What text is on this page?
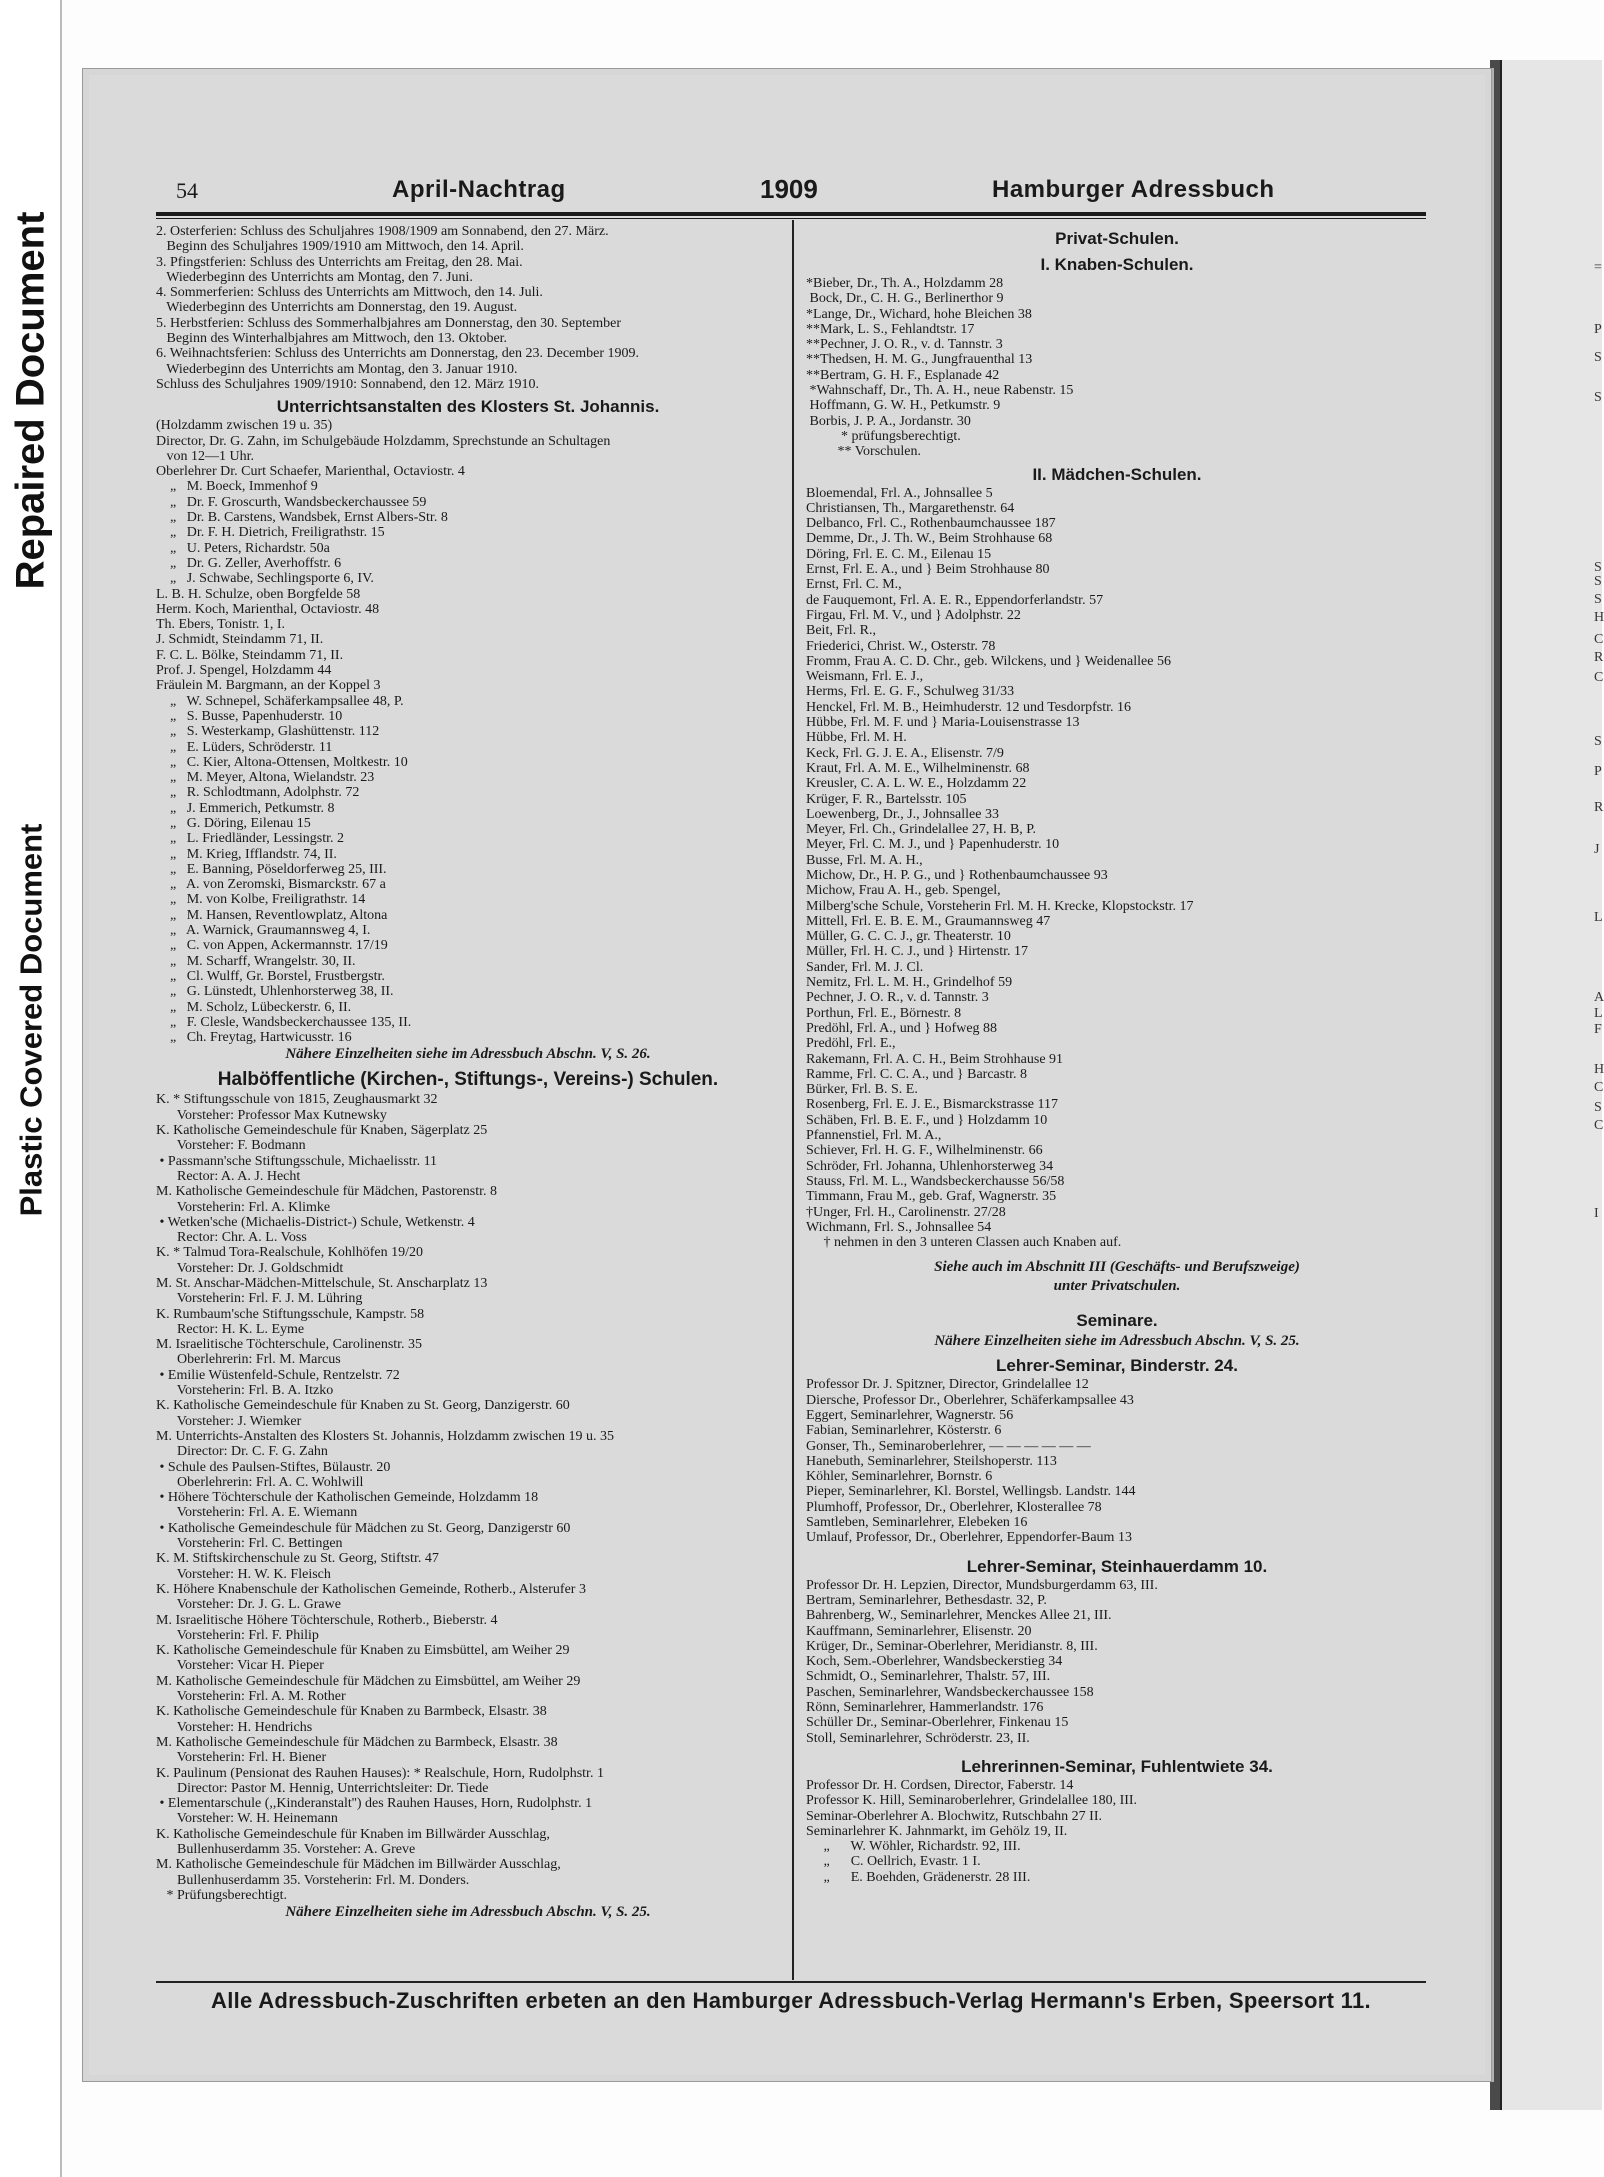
Plastic Covered Document
Repaired Document	=
P
S
S
S
S
S
H
C
R
C
S
P
R
J
L
A
L
F
H
C
S
C
I
54	April-Nachtrag	1909	Hamburger Adressbuch
2. Osterferien: Schluss des Schuljahres 1908/1909 am Sonnabend, den 27. März.
Beginn des Schuljahres 1909/1910 am Mittwoch, den 14. April.
3. Pfingstferien: Schluss des Unterrichts am Freitag, den 28. Mai.
Wiederbeginn des Unterrichts am Montag, den 7. Juni.
4. Sommerferien: Schluss des Unterrichts am Mittwoch, den 14. Juli.
Wiederbeginn des Unterrichts am Donnerstag, den 19. August.
5. Herbstferien: Schluss des Sommerhalbjahres am Donnerstag, den 30. September
Beginn des Winterhalbjahres am Mittwoch, den 13. Oktober.
6. Weihnachtsferien: Schluss des Unterrichts am Donnerstag, den 23. December 1909.
Wiederbeginn des Unterrichts am Montag, den 3. Januar 1910.
Schluss des Schuljahres 1909/1910: Sonnabend, den 12. März 1910.
Unterrichtsanstalten des Klosters St. Johannis.
(Holzdamm zwischen 19 u. 35)
Director, Dr. G. Zahn, im Schulgebäude Holzdamm, Sprechstunde an Schultagen
von 12—1 Uhr.
Oberlehrer Dr. Curt Schaefer, Marienthal, Octaviostr. 4
„   M. Boeck, Immenhof 9
„   Dr. F. Groscurth, Wandsbeckerchaussee 59
„   Dr. B. Carstens, Wandsbek, Ernst Albers-Str. 8
„   Dr. F. H. Dietrich, Freiligrathstr. 15
„   U. Peters, Richardstr. 50a
„   Dr. G. Zeller, Averhoffstr. 6
„   J. Schwabe, Sechlingsporte 6, IV.
L. B. H. Schulze, oben Borgfelde 58
Herm. Koch, Marienthal, Octaviostr. 48
Th. Ebers, Tonistr. 1, I.
J. Schmidt, Steindamm 71, II.
F. C. L. Bölke, Steindamm 71, II.
Prof. J. Spengel, Holzdamm 44
Fräulein M. Bargmann, an der Koppel 3
„   W. Schnepel, Schäferkampsallee 48, P.
„   S. Busse, Papenhuderstr. 10
„   S. Westerkamp, Glashüttenstr. 112
„   E. Lüders, Schröderstr. 11
„   C. Kier, Altona-Ottensen, Moltkestr. 10
„   M. Meyer, Altona, Wielandstr. 23
„   R. Schlodtmann, Adolphstr. 72
„   J. Emmerich, Petkumstr. 8
„   G. Döring, Eilenau 15
„   L. Friedländer, Lessingstr. 2
„   M. Krieg, Ifflandstr. 74, II.
„   E. Banning, Pöseldorferweg 25, III.
„   A. von Zeromski, Bismarckstr. 67 a
„   M. von Kolbe, Freiligrathstr. 14
„   M. Hansen, Reventlowplatz, Altona
„   A. Warnick, Graumannsweg 4, I.
„   C. von Appen, Ackermannstr. 17/19
„   M. Scharff, Wrangelstr. 30, II.
„   Cl. Wulff, Gr. Borstel, Frustbergstr.
„   G. Lünstedt, Uhlenhorsterweg 38, II.
„   M. Scholz, Lübeckerstr. 6, II.
„   F. Clesle, Wandsbeckerchaussee 135, II.
„   Ch. Freytag, Hartwicusstr. 16
Nähere Einzelheiten siehe im Adressbuch Abschn. V, S. 26.
Halböffentliche (Kirchen-, Stiftungs-, Vereins-) Schulen.
K. * Stiftungsschule von 1815, Zeughausmarkt 32
Vorsteher: Professor Max Kutnewsky
K. Katholische Gemeindeschule für Knaben, Sägerplatz 25
Vorsteher: F. Bodmann
• Passmann'sche Stiftungsschule, Michaelisstr. 11
Rector: A. A. J. Hecht
M. Katholische Gemeindeschule für Mädchen, Pastorenstr. 8
Vorsteherin: Frl. A. Klimke
• Wetken'sche (Michaelis-District-) Schule, Wetkenstr. 4
Rector: Chr. A. L. Voss
K. * Talmud Tora-Realschule, Kohlhöfen 19/20
Vorsteher: Dr. J. Goldschmidt
M. St. Anschar-Mädchen-Mittelschule, St. Anscharplatz 13
Vorsteherin: Frl. F. J. M. Lühring
K. Rumbaum'sche Stiftungsschule, Kampstr. 58
Rector: H. K. L. Eyme
M. Israelitische Töchterschule, Carolinenstr. 35
Oberlehrerin: Frl. M. Marcus
• Emilie Wüstenfeld-Schule, Rentzelstr. 72
Vorsteherin: Frl. B. A. Itzko
K. Katholische Gemeindeschule für Knaben zu St. Georg, Danzigerstr. 60
Vorsteher: J. Wiemker
M. Unterrichts-Anstalten des Klosters St. Johannis, Holzdamm zwischen 19 u. 35
Director: Dr. C. F. G. Zahn
• Schule des Paulsen-Stiftes, Bülaustr. 20
Oberlehrerin: Frl. A. C. Wohlwill
• Höhere Töchterschule der Katholischen Gemeinde, Holzdamm 18
Vorsteherin: Frl. A. E. Wiemann
• Katholische Gemeindeschule für Mädchen zu St. Georg, Danzigerstr 60
Vorsteherin: Frl. C. Bettingen
K. M. Stiftskirchenschule zu St. Georg, Stiftstr. 47
Vorsteher: H. W. K. Fleisch
K. Höhere Knabenschule der Katholischen Gemeinde, Rotherb., Alsterufer 3
Vorsteher: Dr. J. G. L. Grawe
M. Israelitische Höhere Töchterschule, Rotherb., Bieberstr. 4
Vorsteherin: Frl. F. Philip
K. Katholische Gemeindeschule für Knaben zu Eimsbüttel, am Weiher 29
Vorsteher: Vicar H. Pieper
M. Katholische Gemeindeschule für Mädchen zu Eimsbüttel, am Weiher 29
Vorsteherin: Frl. A. M. Rother
K. Katholische Gemeindeschule für Knaben zu Barmbeck, Elsastr. 38
Vorsteher: H. Hendrichs
M. Katholische Gemeindeschule für Mädchen zu Barmbeck, Elsastr. 38
Vorsteherin: Frl. H. Biener
K. Paulinum (Pensionat des Rauhen Hauses): * Realschule, Horn, Rudolphstr. 1
Director: Pastor M. Hennig, Unterrichtsleiter: Dr. Tiede
• Elementarschule (,,Kinderanstalt'') des Rauhen Hauses, Horn, Rudolphstr. 1
Vorsteher: W. H. Heinemann
K. Katholische Gemeindeschule für Knaben im Billwärder Ausschlag,
Bullenhuserdamm 35. Vorsteher: A. Greve
M. Katholische Gemeindeschule für Mädchen im Billwärder Ausschlag,
Bullenhuserdamm 35. Vorsteherin: Frl. M. Donders.
* Prüfungsberechtigt.
Nähere Einzelheiten siehe im Adressbuch Abschn. V, S. 25.
Privat-Schulen.
I. Knaben-Schulen.
*Bieber, Dr., Th. A., Holzdamm 28
Bock, Dr., C. H. G., Berlinerthor 9
*Lange, Dr., Wichard, hohe Bleichen 38
**Mark, L. S., Fehlandtstr. 17
**Pechner, J. O. R., v. d. Tannstr. 3
**Thedsen, H. M. G., Jungfrauenthal 13
**Bertram, G. H. F., Esplanade 42
*Wahnschaff, Dr., Th. A. H., neue Rabenstr. 15
Hoffmann, G. W. H., Petkumstr. 9
Borbis, J. P. A., Jordanstr. 30
* prüfungsberechtigt.
** Vorschulen.
II. Mädchen-Schulen.
Bloemendal, Frl. A., Johnsallee 5
Christiansen, Th., Margarethenstr. 64
Delbanco, Frl. C., Rothenbaumchaussee 187
Demme, Dr., J. Th. W., Beim Strohhause 68
Döring, Frl. E. C. M., Eilenau 15
Ernst, Frl. E. A., und } Beim Strohhause 80
Ernst, Frl. C. M.,
de Fauquemont, Frl. A. E. R., Eppendorferlandstr. 57
Firgau, Frl. M. V., und } Adolphstr. 22
Beit, Frl. R.,
Friederici, Christ. W., Osterstr. 78
Fromm, Frau A. C. D. Chr., geb. Wilckens, und } Weidenallee 56
Weismann, Frl. E. J.,
Herms, Frl. E. G. F., Schulweg 31/33
Henckel, Frl. M. B., Heimhuderstr. 12 und Tesdorpfstr. 16
Hübbe, Frl. M. F. und } Maria-Louisenstrasse 13
Hübbe, Frl. M. H.
Keck, Frl. G. J. E. A., Elisenstr. 7/9
Kraut, Frl. A. M. E., Wilhelminenstr. 68
Kreusler, C. A. L. W. E., Holzdamm 22
Krüger, F. R., Bartelsstr. 105
Loewenberg, Dr., J., Johnsallee 33
Meyer, Frl. Ch., Grindelallee 27, H. B, P.
Meyer, Frl. C. M. J., und } Papenhuderstr. 10
Busse, Frl. M. A. H.,
Michow, Dr., H. P. G., und } Rothenbaumchaussee 93
Michow, Frau A. H., geb. Spengel,
Milberg'sche Schule, Vorsteherin Frl. M. H. Krecke, Klopstockstr. 17
Mittell, Frl. E. B. E. M., Graumannsweg 47
Müller, G. C. C. J., gr. Theaterstr. 10
Müller, Frl. H. C. J., und } Hirtenstr. 17
Sander, Frl. M. J. Cl.
Nemitz, Frl. L. M. H., Grindelhof 59
Pechner, J. O. R., v. d. Tannstr. 3
Porthun, Frl. E., Börnestr. 8
Predöhl, Frl. A., und } Hofweg 88
Predöhl, Frl. E.,
Rakemann, Frl. A. C. H., Beim Strohhause 91
Ramme, Frl. C. C. A., und } Barcastr. 8
Bürker, Frl. B. S. E.
Rosenberg, Frl. E. J. E., Bismarckstrasse 117
Schäben, Frl. B. E. F., und } Holzdamm 10
Pfannenstiel, Frl. M. A.,
Schiever, Frl. H. G. F., Wilhelminenstr. 66
Schröder, Frl. Johanna, Uhlenhorsterweg 34
Stauss, Frl. M. L., Wandsbeckerchausse 56/58
Timmann, Frau M., geb. Graf, Wagnerstr. 35
†Unger, Frl. H., Carolinenstr. 27/28
Wichmann, Frl. S., Johnsallee 54
† nehmen in den 3 unteren Classen auch Knaben auf.
Siehe auch im Abschnitt III (Geschäfts- und Berufszweige)
unter Privatschulen.
Seminare.
Nähere Einzelheiten siehe im Adressbuch Abschn. V, S. 25.
Lehrer-Seminar, Binderstr. 24.
Professor Dr. J. Spitzner, Director, Grindelallee 12
Diersche, Professor Dr., Oberlehrer, Schäferkampsallee 43
Eggert, Seminarlehrer, Wagnerstr. 56
Fabian, Seminarlehrer, Kösterstr. 6
Gonser, Th., Seminaroberlehrer, — — — — — —
Hanebuth, Seminarlehrer, Steilshoperstr. 113
Köhler, Seminarlehrer, Bornstr. 6
Pieper, Seminarlehrer, Kl. Borstel, Wellingsb. Landstr. 144
Plumhoff, Professor, Dr., Oberlehrer, Klosterallee 78
Samtleben, Seminarlehrer, Elebeken 16
Umlauf, Professor, Dr., Oberlehrer, Eppendorfer-Baum 13
Lehrer-Seminar, Steinhauerdamm 10.
Professor Dr. H. Lepzien, Director, Mundsburgerdamm 63, III.
Bertram, Seminarlehrer, Bethesdastr. 32, P.
Bahrenberg, W., Seminarlehrer, Menckes Allee 21, III.
Kauffmann, Seminarlehrer, Elisenstr. 20
Krüger, Dr., Seminar-Oberlehrer, Meridianstr. 8, III.
Koch, Sem.-Oberlehrer, Wandsbeckerstieg 34
Schmidt, O., Seminarlehrer, Thalstr. 57, III.
Paschen, Seminarlehrer, Wandsbeckerchaussee 158
Rönn, Seminarlehrer, Hammerlandstr. 176
Schüller Dr., Seminar-Oberlehrer, Finkenau 15
Stoll, Seminarlehrer, Schröderstr. 23, II.
Lehrerinnen-Seminar, Fuhlentwiete 34.
Professor Dr. H. Cordsen, Director, Faberstr. 14
Professor K. Hill, Seminaroberlehrer, Grindelallee 180, III.
Seminar-Oberlehrer A. Blochwitz, Rutschbahn 27 II.
Seminarlehrer K. Jahnmarkt, im Gehölz 19, II.
„      W. Wöhler, Richardstr. 92, III.
„      C. Oellrich, Evastr. 1 I.
„      E. Boehden, Grädenerstr. 28 III.
Alle Adressbuch-Zuschriften erbeten an den Hamburger Adressbuch-Verlag Hermann's Erben, Speersort 11.
